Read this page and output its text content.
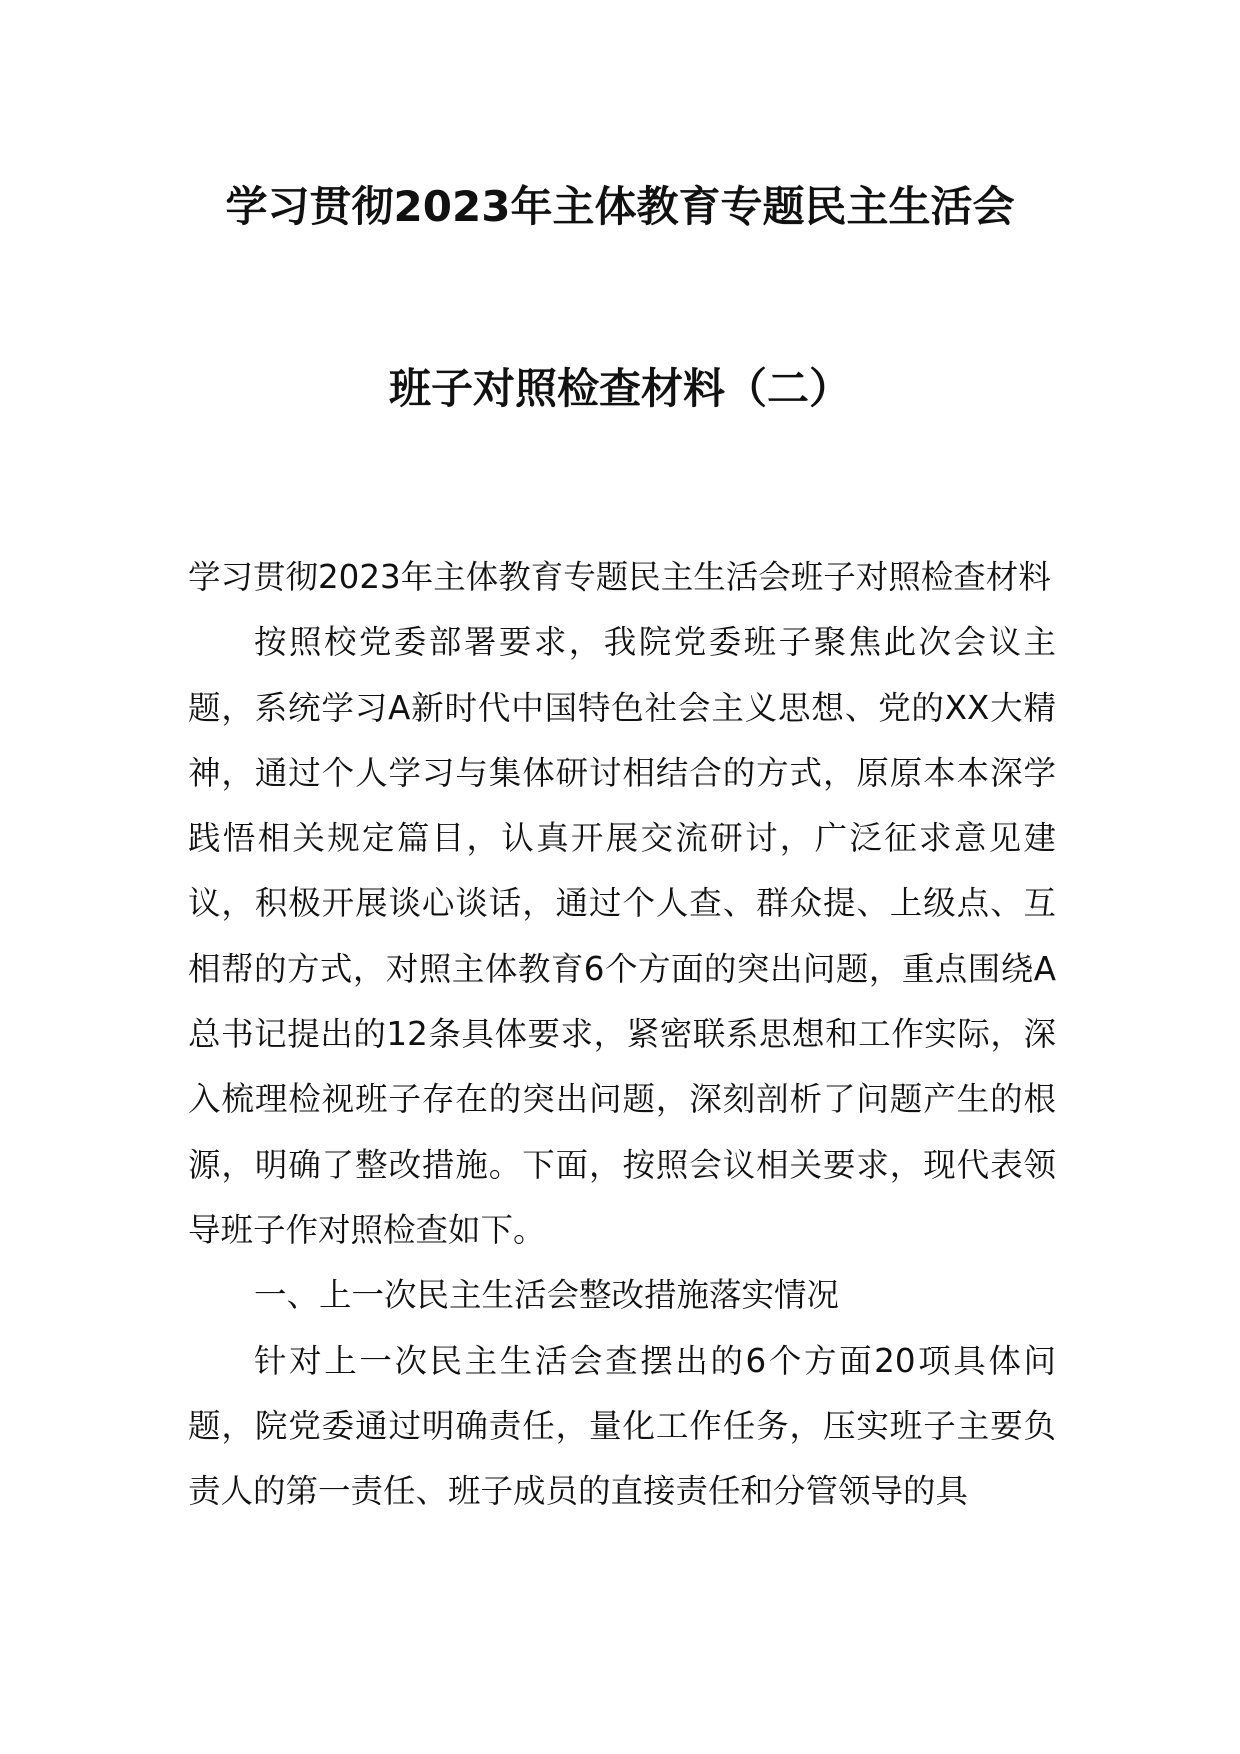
学习贯彻2023年主体教育专题民主生活会
班子对照检查材料（二）

学习贯彻2023年主体教育专题民主生活会班子对照检查材料

按照校党委部署要求，我院党委班子聚焦此次会议主题，系统学习A新时代中国特色社会主义思想、党的XX大精神，通过个人学习与集体研讨相结合的方式，原原本本深学践悟相关规定篇目，认真开展交流研讨，广泛征求意见建议，积极开展谈心谈话，通过个人查、群众提、上级点、互相帮的方式，对照主体教育6个方面的突出问题，重点围绕A总书记提出的12条具体要求，紧密联系思想和工作实际，深入梳理检视班子存在的突出问题，深刻剖析了问题产生的根源，明确了整改措施。下面，按照会议相关要求，现代表领导班子作对照检查如下。

一、上一次民主生活会整改措施落实情况

针对上一次民主生活会查摆出的6个方面20项具体问题，院党委通过明确责任，量化工作任务，压实班子主要负责人的第一责任、班子成员的直接责任和分管领导的具
